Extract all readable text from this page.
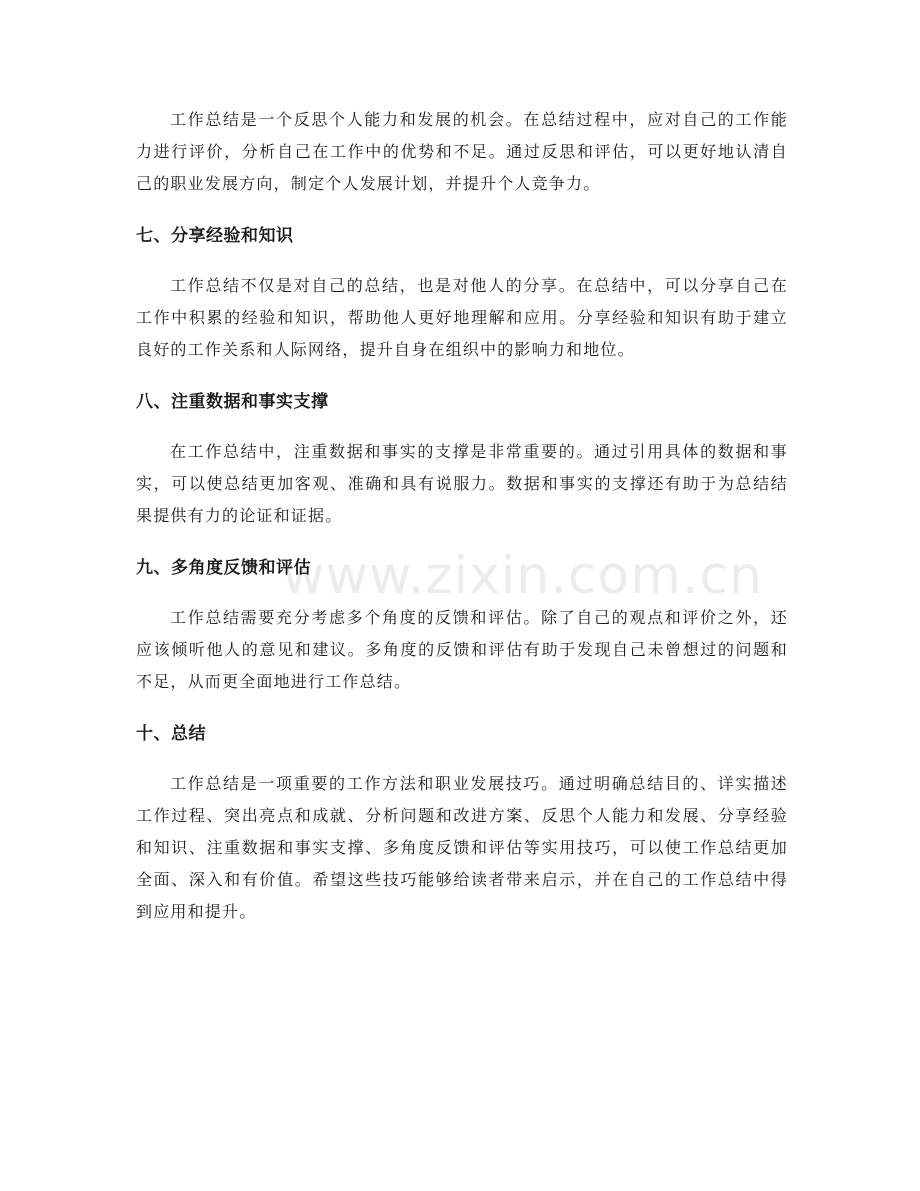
工作总结是一个反思个人能力和发展的机会。在总结过程中，应对自己的工作能力进行评价，分析自己在工作中的优势和不足。通过反思和评估，可以更好地认清自己的职业发展方向，制定个人发展计划，并提升个人竞争力。

七、分享经验和知识

工作总结不仅是对自己的总结，也是对他人的分享。在总结中，可以分享自己在工作中积累的经验和知识，帮助他人更好地理解和应用。分享经验和知识有助于建立良好的工作关系和人际网络，提升自身在组织中的影响力和地位。

八、注重数据和事实支撑

在工作总结中，注重数据和事实的支撑是非常重要的。通过引用具体的数据和事实，可以使总结更加客观、准确和具有说服力。数据和事实的支撑还有助于为总结结果提供有力的论证和证据。

九、多角度反馈和评估

工作总结需要充分考虑多个角度的反馈和评估。除了自己的观点和评价之外，还应该倾听他人的意见和建议。多角度的反馈和评估有助于发现自己未曾想过的问题和不足，从而更全面地进行工作总结。

十、总结

工作总结是一项重要的工作方法和职业发展技巧。通过明确总结目的、详实描述工作过程、突出亮点和成就、分析问题和改进方案、反思个人能力和发展、分享经验和知识、注重数据和事实支撑、多角度反馈和评估等实用技巧，可以使工作总结更加全面、深入和有价值。希望这些技巧能够给读者带来启示，并在自己的工作总结中得到应用和提升。

www.zixin.com.cn
